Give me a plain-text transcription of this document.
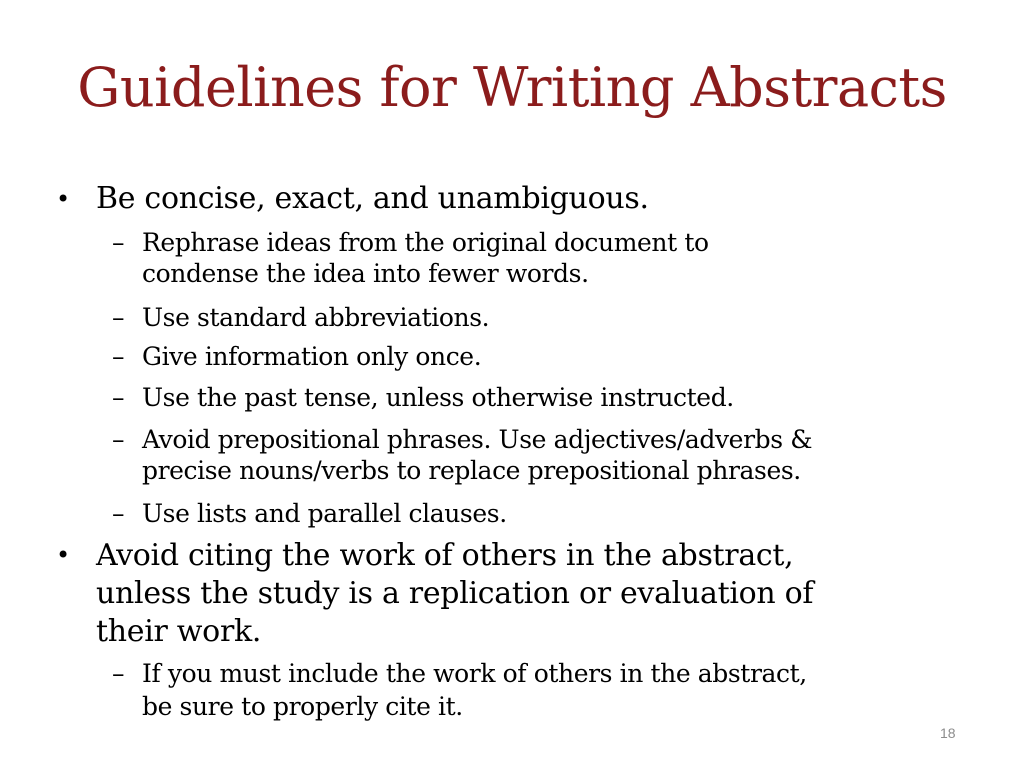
Guidelines for Writing Abstracts
• Be concise, exact, and unambiguous.
– Rephrase ideas from the original document to
condense the idea into fewer words.
– Use standard abbreviations.
– Give information only once.
– Use the past tense, unless otherwise instructed.
– Avoid prepositional phrases. Use adjectives/adverbs &
precise nouns/verbs to replace prepositional phrases.
– Use lists and parallel clauses.
• Avoid citing the work of others in the abstract,
unless the study is a replication or evaluation of
their work.
– If you must include the work of others in the abstract,
be sure to properly cite it.
18
